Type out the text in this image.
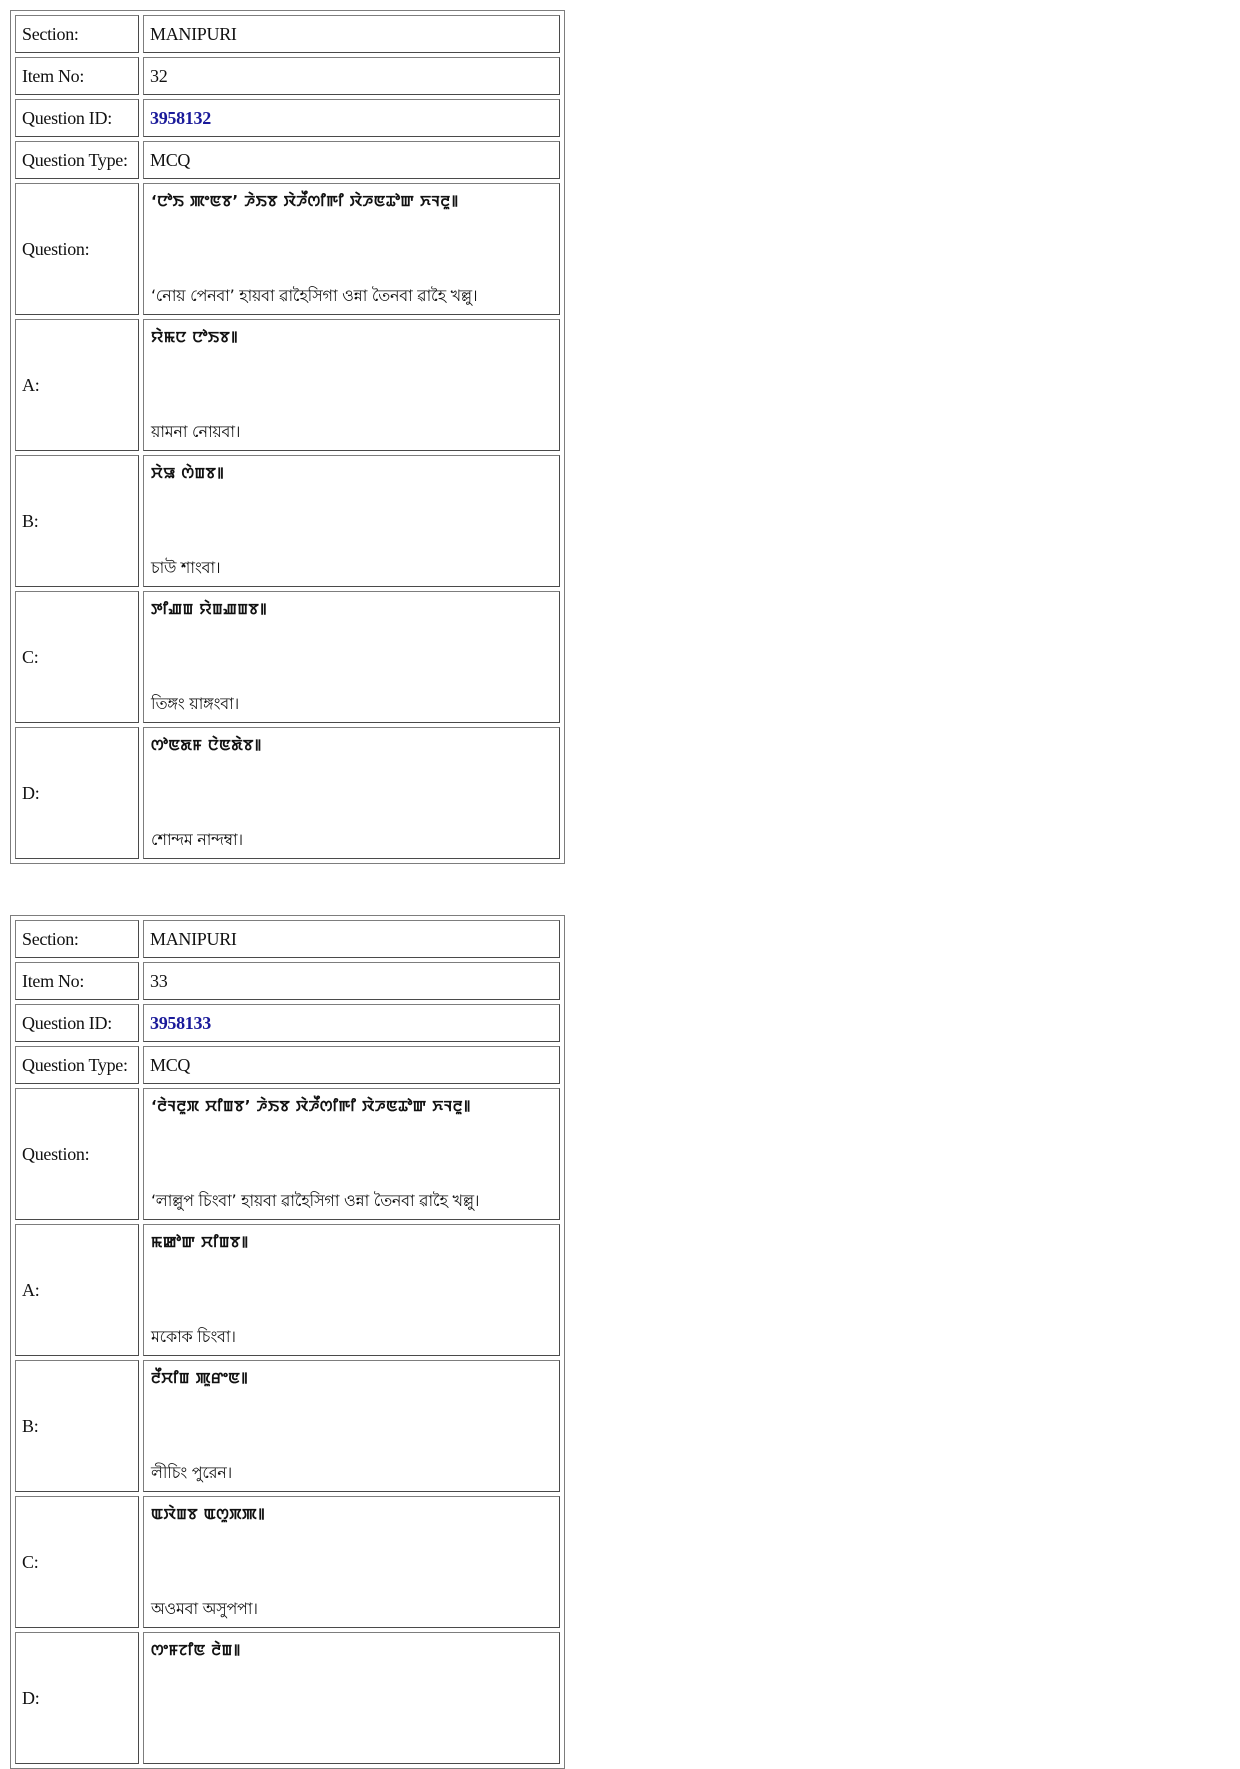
Section:	MANIPURI
Item No:	32
Question ID:	3958132
Question Type:	MCQ
Question:	‘ꯅꯣꯏ ꯄꯦꯟꯕ’ ꯍꯥꯏꯕ ꯋꯥꯍꯩꯁꯤꯒꯤ ꯋꯥꯍꯟꯊꯣꯛ ꯈꯜꯂꯨ꯫
‘নোয় পেনবা’ হায়বা ৱাহৈসিগা ওন্না তৈনবা ৱাহৈ খল্লু।

A:	ꯌꯥꯃꯅ ꯅꯣꯏꯕ꯫
য়ামনা নোয়বা।

B:	ꯆꯥꯎ ꯁꯥꯡꯕ꯫
চাউ শাংবা।

C:	ꯇꯤꯉꯡ ꯌꯥꯡꯉꯡꯕ꯫
তিঙ্গং য়াঙ্গংবা।

D:	ꯁꯣꯟꯗꯝ ꯅꯥꯟꯗꯥꯕ꯫
শোন্দম নান্দম্বা।
Section:	MANIPURI
Item No:	33
Question ID:	3958133
Question Type:	MCQ
Question:	‘ꯂꯥꯜꯂꯨꯞ ꯆꯤꯡꯕ’ ꯍꯥꯏꯕ ꯋꯥꯍꯩꯁꯤꯒꯤ ꯋꯥꯍꯟꯊꯣꯛ ꯈꯜꯂꯨ꯫
‘লাল্লুপ চিংবা’ হায়বা ৱাহৈসিগা ওন্না তৈনবা ৱাহৈ খল্লু।

A:	ꯃꯀꯣꯛ ꯆꯤꯡꯕ꯫
মকোক চিংবা।

B:	ꯂꯩꯆꯤꯡ ꯄꯨꯔꯦꯟ꯫
লীচিং পুরেন।

C:	ꯑꯋꯥꯡꯕ ꯑꯁꯨꯞꯄ꯫
অওমবা অসুপপা।

D:	ꯁꯦꯝꯖꯤꯟ ꯂꯥꯡ꯫
